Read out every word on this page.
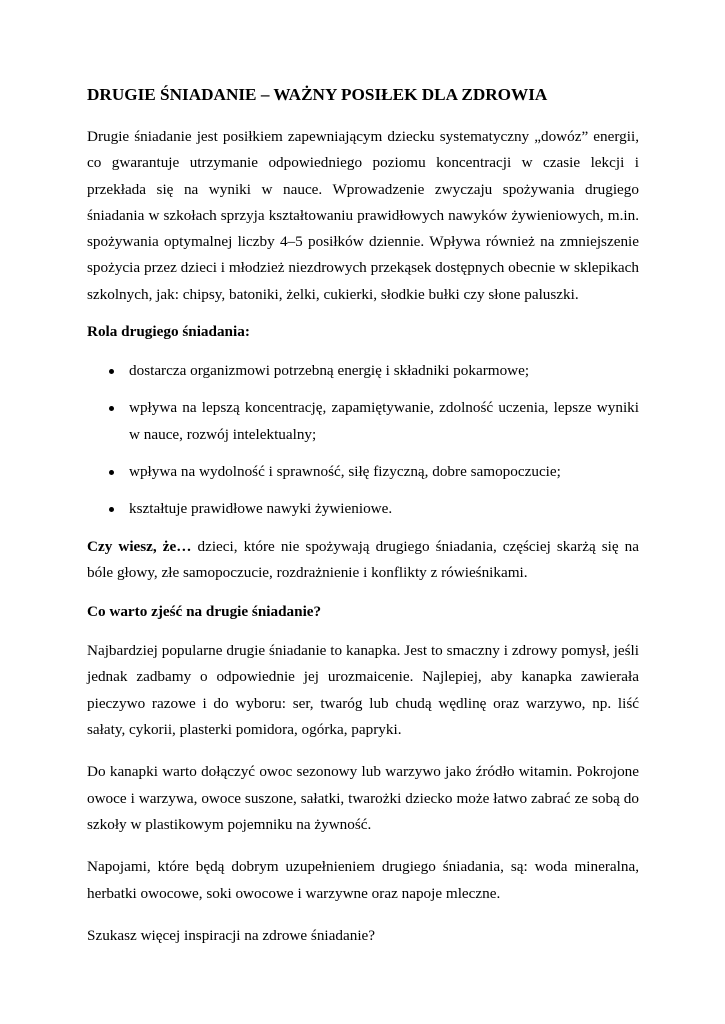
DRUGIE ŚNIADANIE – WAŻNY POSIŁEK DLA ZDROWIA

Drugie śniadanie jest posiłkiem zapewniającym dziecku systematyczny „dowóz” energii, co gwarantuje utrzymanie odpowiedniego poziomu koncentracji w czasie lekcji i przekłada się na wyniki w nauce. Wprowadzenie zwyczaju spożywania drugiego śniadania w szkołach sprzyja kształtowaniu prawidłowych nawyków żywieniowych, m.in. spożywania optymalnej liczby 4–5 posiłków dziennie. Wpływa również na zmniejszenie spożycia przez dzieci i młodzież niezdrowych przekąsek dostępnych obecnie w sklepikach szkolnych, jak: chipsy, batoniki, żelki, cukierki, słodkie bułki czy słone paluszki.

Rola drugiego śniadania:

dostarcza organizmowi potrzebną energię i składniki pokarmowe;
wpływa na lepszą koncentrację, zapamiętywanie, zdolność uczenia, lepsze wyniki w nauce, rozwój intelektualny;
wpływa na wydolność i sprawność, siłę fizyczną, dobre samopoczucie;
kształtuje prawidłowe nawyki żywieniowe.

Czy wiesz, że… dzieci, które nie spożywają drugiego śniadania, częściej skarżą się na bóle głowy, złe samopoczucie, rozdrażnienie i konflikty z rówieśnikami.

Co warto zjeść na drugie śniadanie?

Najbardziej popularne drugie śniadanie to kanapka. Jest to smaczny i zdrowy pomysł, jeśli jednak zadbamy o odpowiednie jej urozmaicenie. Najlepiej, aby kanapka zawierała pieczywo razowe i do wyboru: ser, twaróg lub chudą wędlinę oraz warzywo, np. liść sałaty, cykorii, plasterki pomidora, ogórka, papryki.

Do kanapki warto dołączyć owoc sezonowy lub warzywo jako źródło witamin. Pokrojone owoce i warzywa, owoce suszone, sałatki, twarożki dziecko może łatwo zabrać ze sobą do szkoły w plastikowym pojemniku na żywność.

Napojami, które będą dobrym uzupełnieniem drugiego śniadania, są: woda mineralna, herbatki owocowe, soki owocowe i warzywne oraz napoje mleczne.

Szukasz więcej inspiracji na zdrowe śniadanie?
